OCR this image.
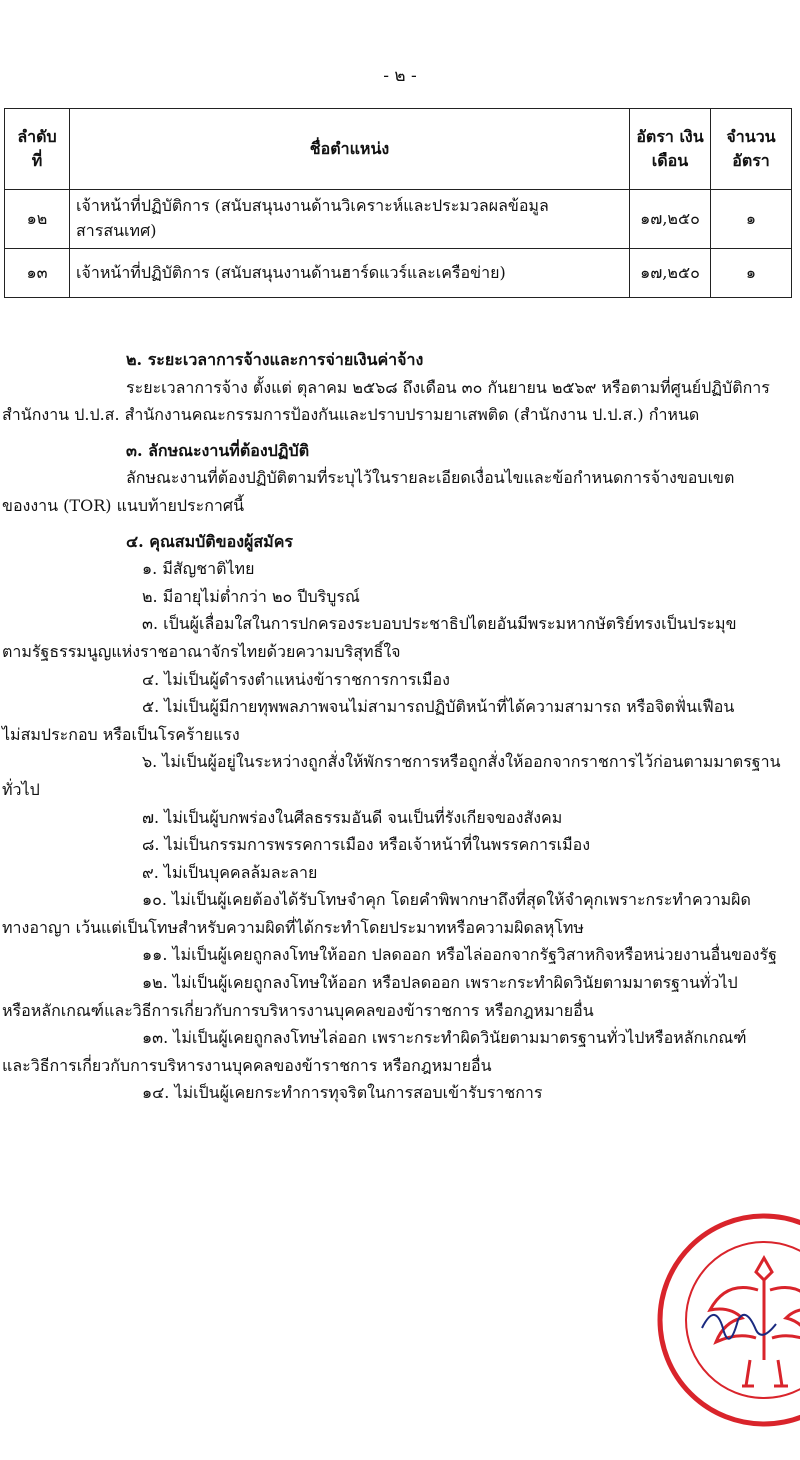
- ๒ -
ลำดับ ที่	ชื่อตำแหน่ง	อัตรา เงินเดือน	จำนวน อัตรา
๑๒	เจ้าหน้าที่ปฏิบัติการ (สนับสนุนงานด้านวิเคราะห์และประมวลผลข้อมูลสารสนเทศ)	๑๗,๒๕๐	๑
๑๓	เจ้าหน้าที่ปฏิบัติการ (สนับสนุนงานด้านฮาร์ดแวร์และเครือข่าย)	๑๗,๒๕๐	๑

๒. ระยะเวลาการจ้างและการจ่ายเงินค่าจ้าง

ระยะเวลาการจ้าง ตั้งแต่ ตุลาคม ๒๕๖๘ ถึงเดือน ๓๐ กันยายน ๒๕๖๙ หรือตามที่ศูนย์ปฏิบัติการ

สำนักงาน ป.ป.ส. สำนักงานคณะกรรมการป้องกันและปราบปรามยาเสพติด (สำนักงาน ป.ป.ส.) กำหนด

๓. ลักษณะงานที่ต้องปฏิบัติ

ลักษณะงานที่ต้องปฏิบัติตามที่ระบุไว้ในรายละเอียดเงื่อนไขและข้อกำหนดการจ้างขอบเขต

ของงาน (TOR) แนบท้ายประกาศนี้

๔. คุณสมบัติของผู้สมัคร

๑. มีสัญชาติไทย

๒. มีอายุไม่ต่ำกว่า ๒๐ ปีบริบูรณ์

๓. เป็นผู้เลื่อมใสในการปกครองระบอบประชาธิปไตยอันมีพระมหากษัตริย์ทรงเป็นประมุข

ตามรัฐธรรมนูญแห่งราชอาณาจักรไทยด้วยความบริสุทธิ์ใจ

๔. ไม่เป็นผู้ดำรงตำแหน่งข้าราชการการเมือง

๕. ไม่เป็นผู้มีกายทุพพลภาพจนไม่สามารถปฏิบัติหน้าที่ได้ความสามารถ หรือจิตฟั่นเฟือน

ไม่สมประกอบ หรือเป็นโรคร้ายแรง

๖. ไม่เป็นผู้อยู่ในระหว่างถูกสั่งให้พักราชการหรือถูกสั่งให้ออกจากราชการไว้ก่อนตามมาตรฐานทั่วไป

๗. ไม่เป็นผู้บกพร่องในศีลธรรมอันดี จนเป็นที่รังเกียจของสังคม

๘. ไม่เป็นกรรมการพรรคการเมือง หรือเจ้าหน้าที่ในพรรคการเมือง

๙. ไม่เป็นบุคคลล้มละลาย

๑๐. ไม่เป็นผู้เคยต้องได้รับโทษจำคุก โดยคำพิพากษาถึงที่สุดให้จำคุกเพราะกระทำความผิด

ทางอาญา เว้นแต่เป็นโทษสำหรับความผิดที่ได้กระทำโดยประมาทหรือความผิดลหุโทษ

๑๑. ไม่เป็นผู้เคยถูกลงโทษให้ออก ปลดออก หรือไล่ออกจากรัฐวิสาหกิจหรือหน่วยงานอื่นของรัฐ

๑๒. ไม่เป็นผู้เคยถูกลงโทษให้ออก หรือปลดออก เพราะกระทำผิดวินัยตามมาตรฐานทั่วไป

หรือหลักเกณฑ์และวิธีการเกี่ยวกับการบริหารงานบุคคลของข้าราชการ หรือกฎหมายอื่น

๑๓. ไม่เป็นผู้เคยถูกลงโทษไล่ออก เพราะกระทำผิดวินัยตามมาตรฐานทั่วไปหรือหลักเกณฑ์

และวิธีการเกี่ยวกับการบริหารงานบุคคลของข้าราชการ หรือกฎหมายอื่น

๑๔. ไม่เป็นผู้เคยกระทำการทุจริตในการสอบเข้ารับราชการ
